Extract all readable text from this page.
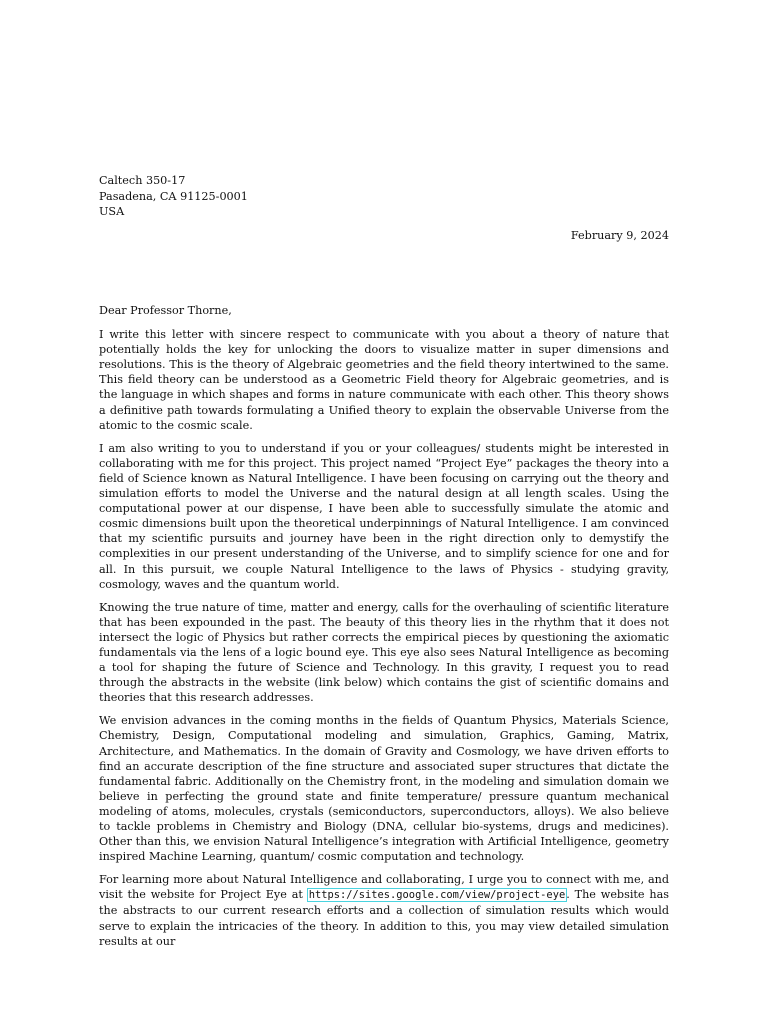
Caltech 350-17
Pasadena, CA 91125-0001
USA
February 9, 2024

Dear Professor Thorne,

I write this letter with sincere respect to communicate with you about a theory of nature that potentially holds the key for unlocking the doors to visualize matter in super dimensions and resolutions. This is the theory of Algebraic geometries and the field theory intertwined to the same. This field theory can be understood as a Geometric Field theory for Algebraic geometries, and is the language in which shapes and forms in nature communicate with each other. This theory shows a definitive path towards formulating a Unified theory to explain the observable Universe from the atomic to the cosmic scale.

I am also writing to you to understand if you or your colleagues/ students might be interested in collaborating with me for this project. This project named “Project Eye” packages the theory into a field of Science known as Natural Intelligence. I have been focusing on carrying out the theory and simulation efforts to model the Universe and the natural design at all length scales. Using the computational power at our dispense, I have been able to successfully simulate the atomic and cosmic dimensions built upon the theoretical underpinnings of Natural Intelligence. I am convinced that my scientific pursuits and journey have been in the right direction only to demystify the complexities in our present understanding of the Universe, and to simplify science for one and for all. In this pursuit, we couple Natural Intelligence to the laws of Physics - studying gravity, cosmology, waves and the quantum world.

Knowing the true nature of time, matter and energy, calls for the overhauling of scientific literature that has been expounded in the past. The beauty of this theory lies in the rhythm that it does not intersect the logic of Physics but rather corrects the empirical pieces by questioning the axiomatic fundamentals via the lens of a logic bound eye. This eye also sees Natural Intelligence as becoming a tool for shaping the future of Science and Technology. In this gravity, I request you to read through the abstracts in the website (link below) which contains the gist of scientific domains and theories that this research addresses.

We envision advances in the coming months in the fields of Quantum Physics, Materials Science, Chemistry, Design, Computational modeling and simulation, Graphics, Gaming, Matrix, Architecture, and Mathematics. In the domain of Gravity and Cosmology, we have driven efforts to find an accurate description of the fine structure and associated super structures that dictate the fundamental fabric. Additionally on the Chemistry front, in the modeling and simulation domain we believe in perfecting the ground state and finite temperature/ pressure quantum mechanical modeling of atoms, molecules, crystals (semiconductors, superconductors, alloys). We also believe to tackle problems in Chemistry and Biology (DNA, cellular bio-systems, drugs and medicines). Other than this, we envision Natural Intelligence’s integration with Artificial Intelligence, geometry inspired Machine Learning, quantum/ cosmic computation and technology.

For learning more about Natural Intelligence and collaborating, I urge you to connect with me, and visit the website for Project Eye at https://sites.google.com/view/project-eye. The website has the abstracts to our current research efforts and a collection of simulation results which would serve to explain the intricacies of the theory. In addition to this, you may view detailed simulation results at our
